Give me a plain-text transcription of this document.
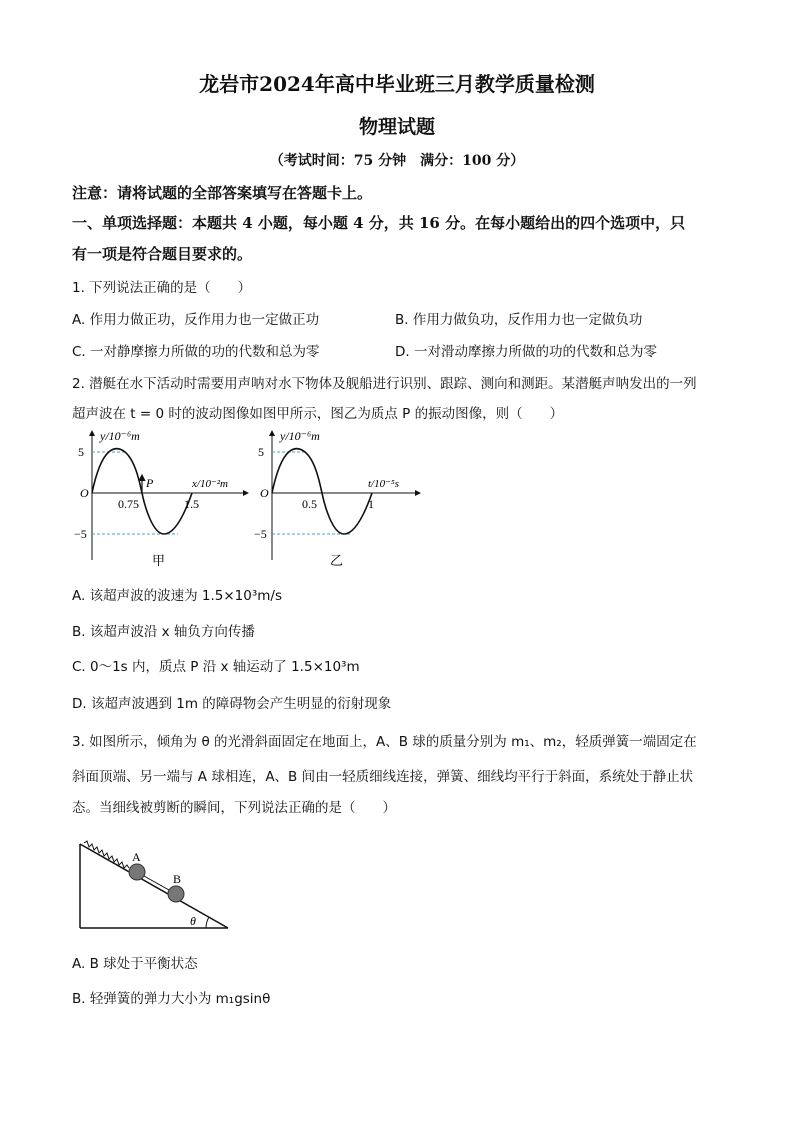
龙岩市2024年高中毕业班三月教学质量检测
物理试题
（考试时间：75 分钟　满分：100 分）
注意：请将试题的全部答案填写在答题卡上。
一、单项选择题：本题共 4 小题，每小题 4 分，共 16 分。在每小题给出的四个选项中，只
有一项是符合题目要求的。
1. 下列说法正确的是（　　）
A. 作用力做正功，反作用力也一定做正功	B. 作用力做负功，反作用力也一定做负功
C. 一对静摩擦力所做的功的代数和总为零	D. 一对滑动摩擦力所做的功的代数和总为零
2. 潜艇在水下活动时需要用声呐对水下物体及舰船进行识别、跟踪、测向和测距。某潜艇声呐发出的一列
超声波在 t = 0 时的波动图像如图甲所示，图乙为质点 P 的振动图像，则（　　）
y/10⁻⁶m
5
−5
O
0.75	1.5
P	x/10⁻²m
甲
y/10⁻⁶m
5
−5
O
0.5	1
t/10⁻⁵s
乙
A. 该超声波的波速为 1.5×10³m/s
B. 该超声波沿 x 轴负方向传播
C. 0～1s 内，质点 P 沿 x 轴运动了 1.5×10³m
D. 该超声波遇到 1m 的障碍物会产生明显的衍射现象
3. 如图所示，倾角为 θ 的光滑斜面固定在地面上，A、B 球的质量分别为 m₁、m₂，轻质弹簧一端固定在
斜面顶端、另一端与 A 球相连，A、B 间由一轻质细线连接，弹簧、细线均平行于斜面，系统处于静止状
态。当细线被剪断的瞬间，下列说法正确的是（　　）
A
B
θ
A. B 球处于平衡状态
B. 轻弹簧的弹力大小为 m₁gsinθ
